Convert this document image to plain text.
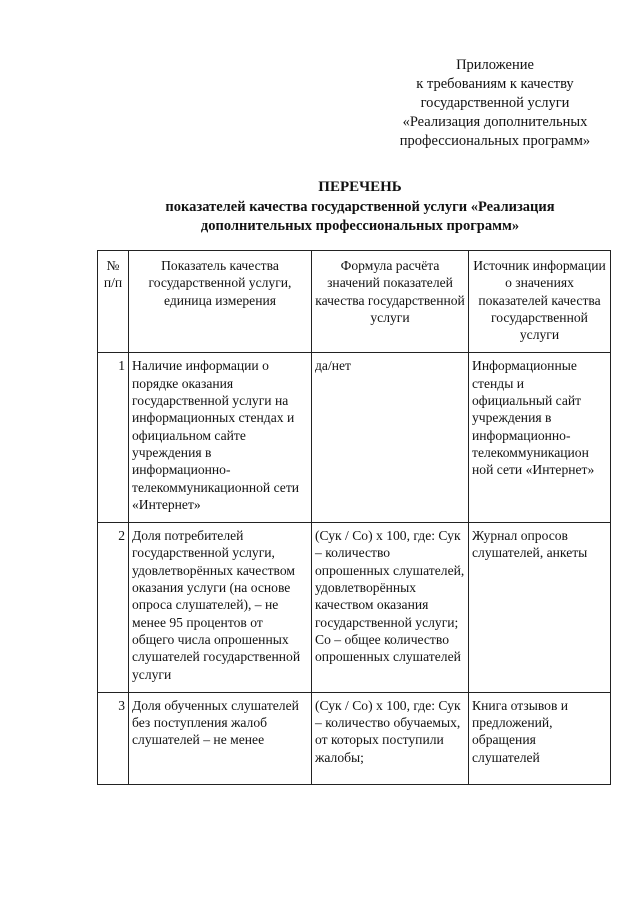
Приложение
к требованиям к качеству
государственной услуги
«Реализация дополнительных
профессиональных программ»
ПЕРЕЧЕНЬ
показателей качества государственной услуги «Реализация
дополнительных профессиональных программ»
№ п/п	Показатель качества государственной услуги, единица измерения	Формула расчёта значений показателей качества государственной услуги	Источник информации о значениях показателей качества государственной услуги
1	Наличие информации о порядке оказания государственной услуги на информационных стендах и официальном сайте учреждения в информационно-телекоммуникационной сети «Интернет»	да/нет	Информационные стенды и официальный сайт учреждения в информационно-телекоммуникацион ной сети «Интернет»
2	Доля потребителей государственной услуги, удовлетворённых качеством оказания услуги (на основе опроса слушателей), – не менее 95 процентов от общего числа опрошенных слушателей государственной услуги	(Сук / Со) х 100, где: Сук – количество опрошенных слушателей, удовлетворённых качеством оказания государственной услуги; Со – общее количество опрошенных слушателей	Журнал опросов слушателей, анкеты
3	Доля обученных слушателей без поступления жалоб слушателей – не менее	(Сук / Со) х 100, где: Сук – количество обучаемых, от которых поступили жалобы;	Книга отзывов и предложений, обращения слушателей
